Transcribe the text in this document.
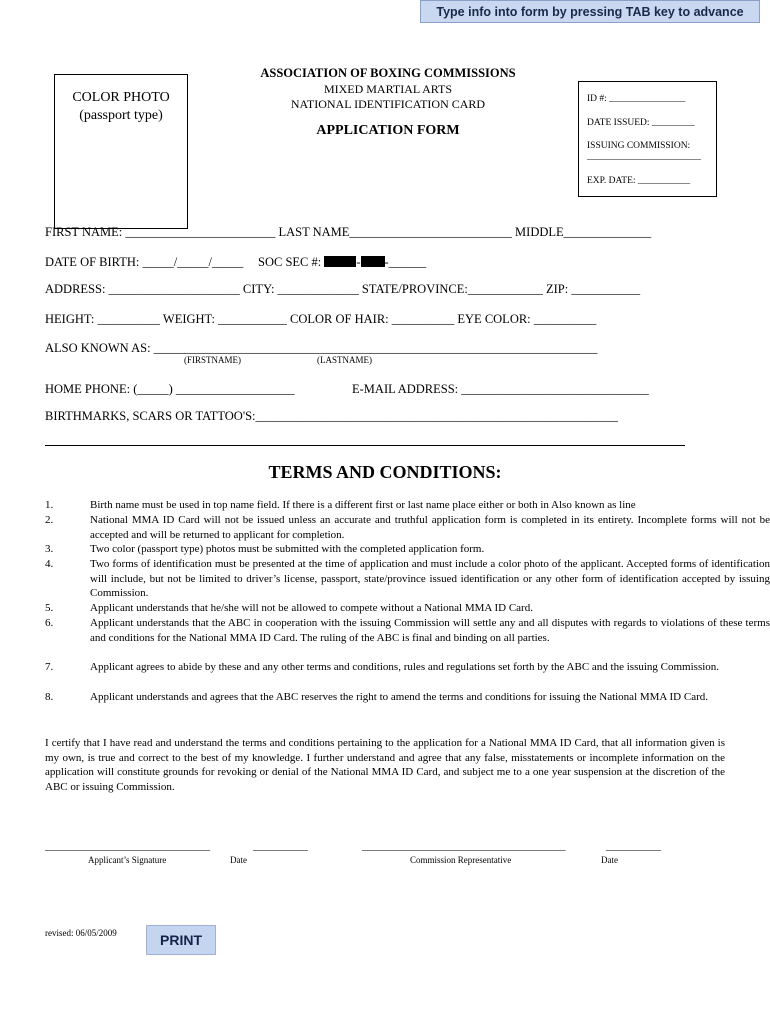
Type info into form by pressing TAB key to advance
COLOR PHOTO
(passport type)
ASSOCIATION OF BOXING COMMISSIONS
MIXED MARTIAL ARTS
NATIONAL IDENTIFICATION CARD
APPLICATION FORM
ID #: ________________
DATE ISSUED: _________
ISSUING COMMISSION:
________________________
EXP. DATE: ___________
FIRST NAME: ________________________ LAST NAME__________________________ MIDDLE______________
DATE OF BIRTH: _____/_____/_____ SOC SEC #:	- -______
ADDRESS: _____________________ CITY: _____________ STATE/PROVINCE:____________ ZIP: ___________
HEIGHT: __________ WEIGHT: ___________ COLOR OF HAIR: __________ EYE COLOR: __________
ALSO KNOWN AS: _______________________________________________________________________
(FIRSTNAME)	(LASTNAME)
HOME PHONE: (_____) ___________________	E-MAIL ADDRESS: ______________________________
BIRTHMARKS, SCARS OR TATTOO'S:__________________________________________________________
TERMS AND CONDITIONS:
1.	Birth name must be used in top name field. If there is a different first or last name place either or both in Also known as line
2.	National MMA ID Card will not be issued unless an accurate and truthful application form is completed in its entirety. Incomplete forms will not be accepted and will be returned to applicant for completion.
3.	Two color (passport type) photos must be submitted with the completed application form.
4.	Two forms of identification must be presented at the time of application and must include a color photo of the applicant. Accepted forms of identification will include, but not be limited to driver’s license, passport, state/province issued identification or any other form of identification accepted by issuing Commission.
5.	Applicant understands that he/she will not be allowed to compete without a National MMA ID Card.
6.	Applicant understands that the ABC in cooperation with the issuing Commission will settle any and all disputes with regards to violations of these terms and conditions for the National MMA ID Card. The ruling of the ABC is final and binding on all parties.
7.	Applicant agrees to abide by these and any other terms and conditions, rules and regulations set forth by the ABC and the issuing Commission.
8.	Applicant understands and agrees that the ABC reserves the right to amend the terms and conditions for issuing the National MMA ID Card.
I certify that I have read and understand the terms and conditions pertaining to the application for a National MMA ID Card, that all information given is my own, is true and correct to the best of my knowledge. I further understand and agree that any false, misstatements or incomplete information on the application will constitute grounds for revoking or denial of the National MMA ID Card, and subject me to a one year suspension at the discretion of the ABC or issuing Commission.
______________________________	__________	_____________________________________	__________
Applicant’s Signature	Date	Commission Representative	Date
revised: 06/05/2009	PRINT
